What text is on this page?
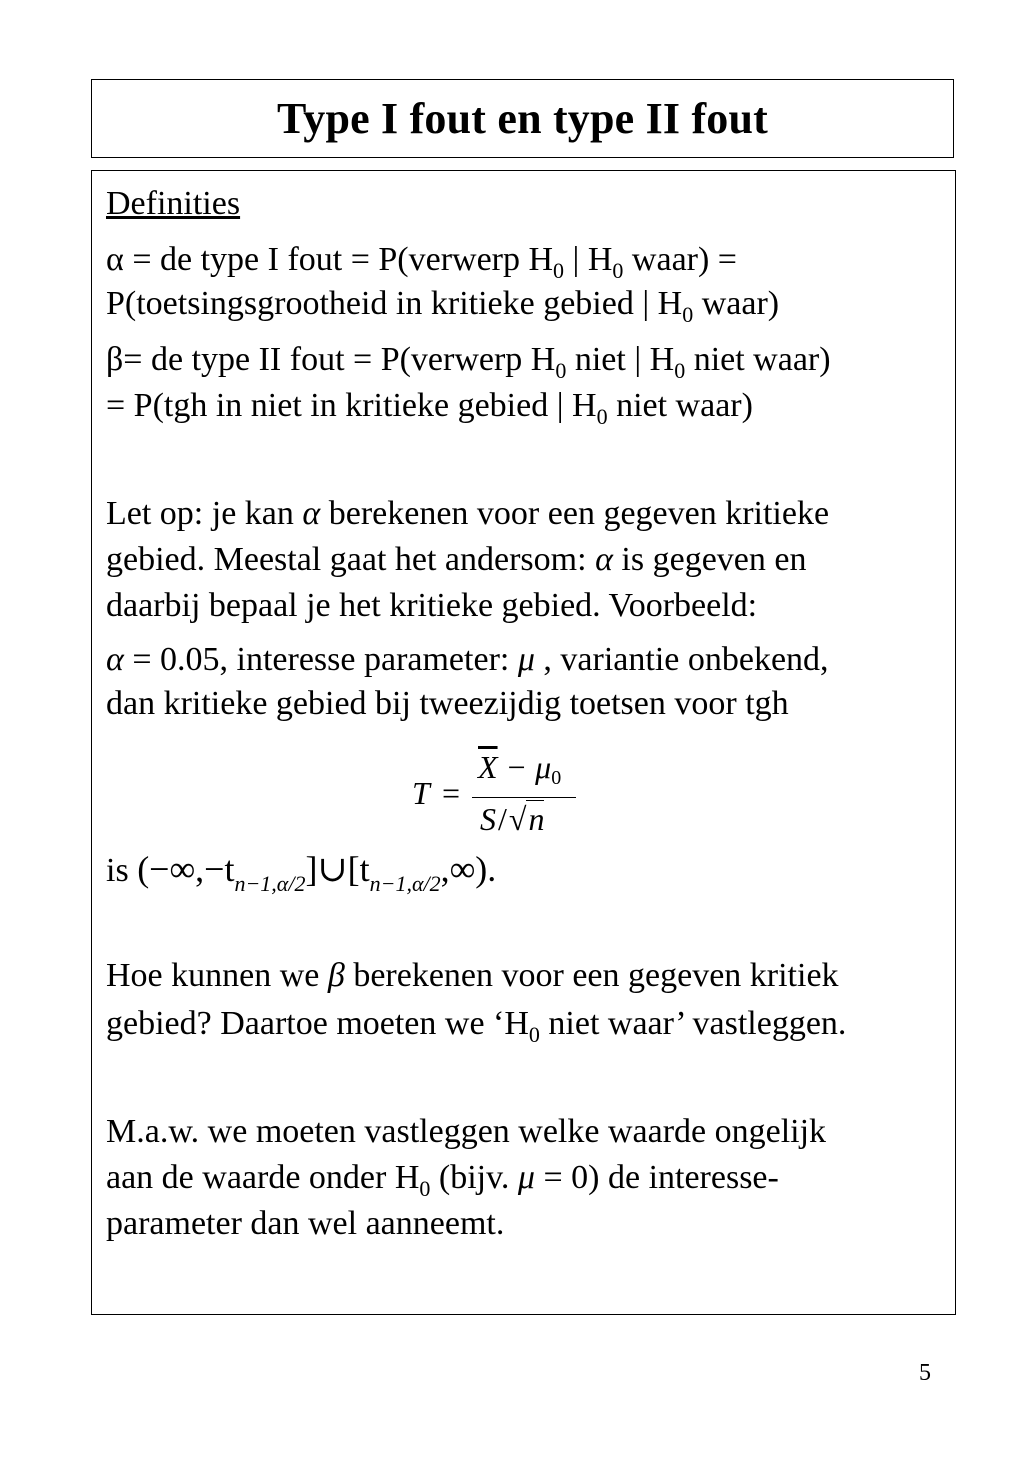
Type I fout en type II fout
Definities
α = de type I fout = P(verwerp $H_0$ | $H_0$ waar) =
P(toetsingsgrootheid in kritieke gebied | $H_0$ waar)
β= de type II fout = P(verwerp $H_0$ niet | $H_0$ niet waar)
= P(tgh in niet in kritieke gebied | $H_0$ niet waar)
Let op: je kan α berekenen voor een gegeven kritieke
gebied. Meestal gaat het andersom: α is gegeven en
daarbij bepaal je het kritieke gebied. Voorbeeld:
α = 0.05, interesse parameter: μ , variantie onbekend,
dan kritieke gebied bij tweezijdig toetsen voor tgh
T =
$\overline{X} - \mu_0$
S/√n
is $(-\infty,-t_{n-1,\alpha/2}]\cup[t_{n-1,\alpha/2},\infty)$.
Hoe kunnen we β berekenen voor een gegeven kritiek
gebied? Daartoe moeten we ‘$H_0$ niet waar’ vastleggen.
M.a.w. we moeten vastleggen welke waarde ongelijk
aan de waarde onder $H_0$ (bijv. μ = 0) de interesse-
parameter dan wel aanneemt.
5
